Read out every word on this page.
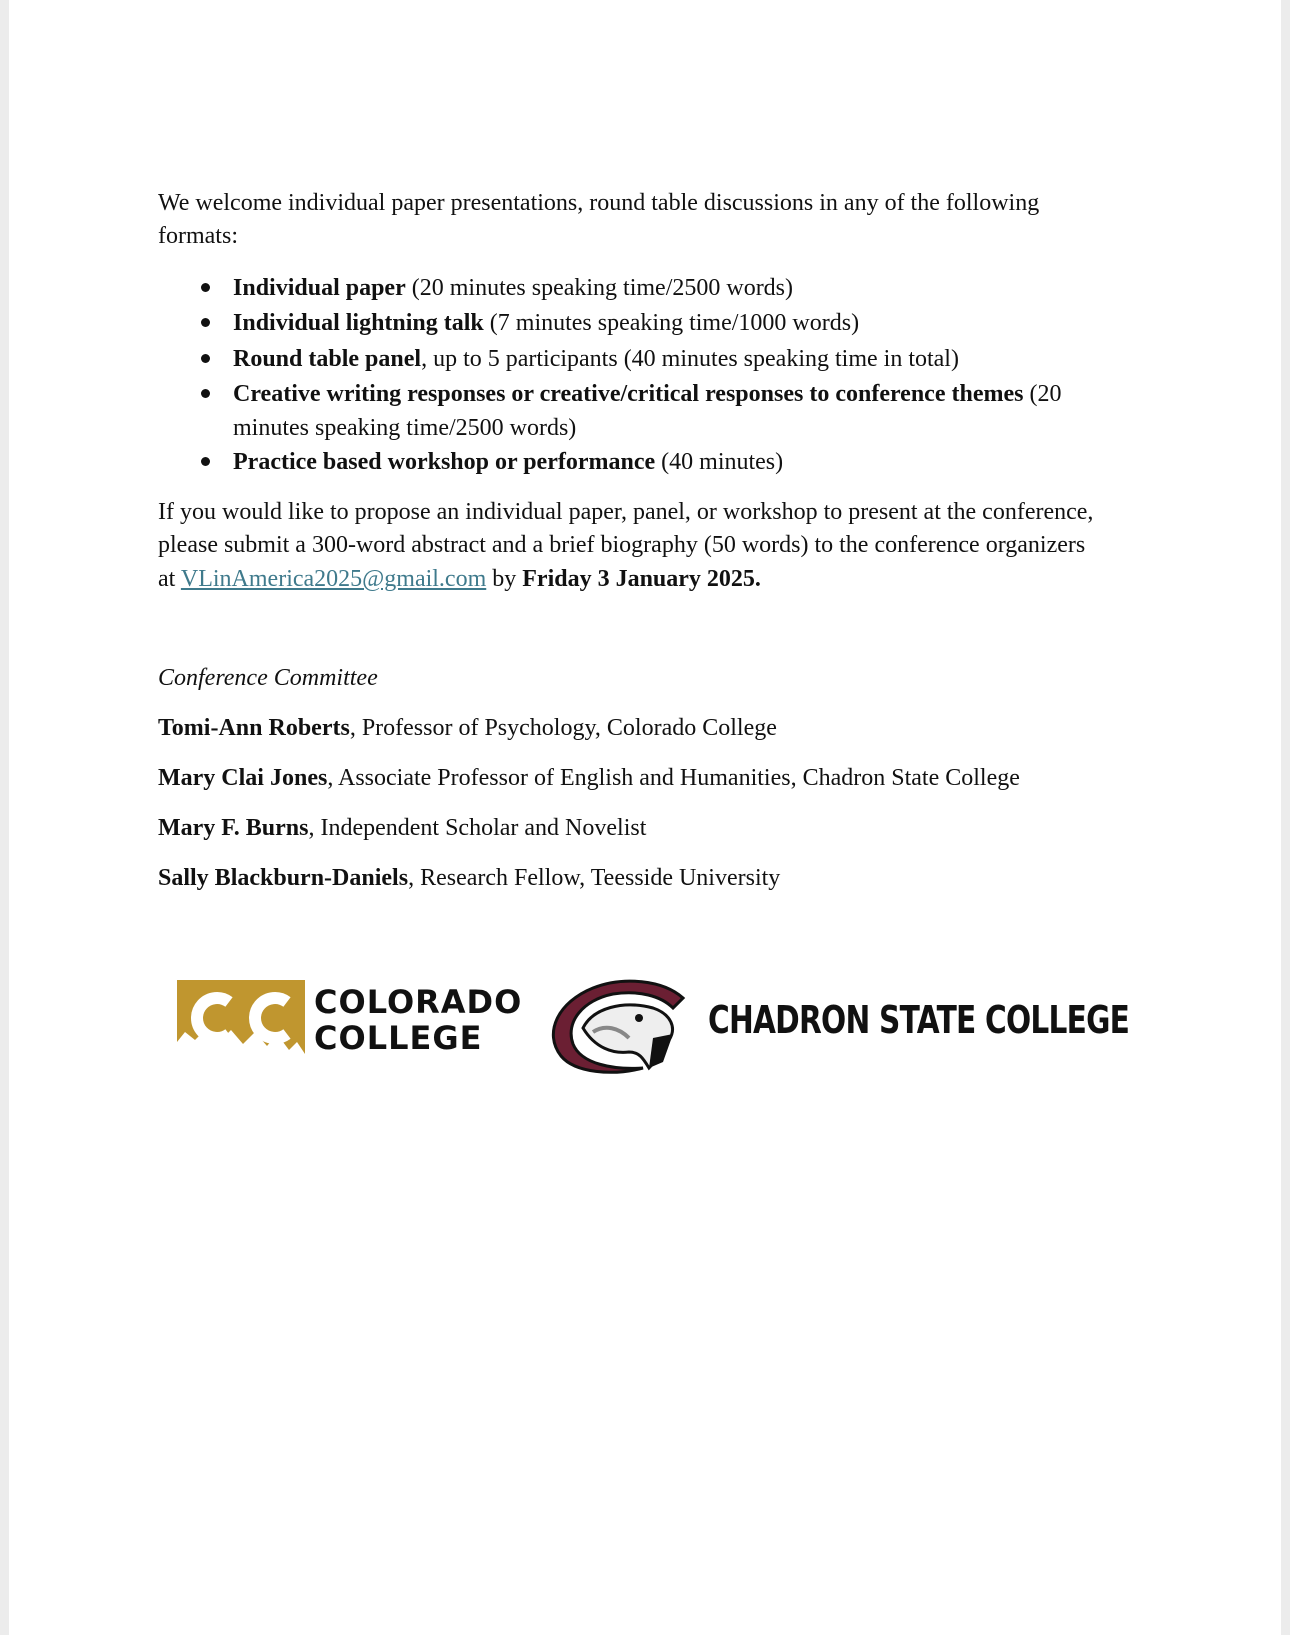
We welcome individual paper presentations, round table discussions in any of the following
formats:
Individual paper (20 minutes speaking time/2500 words)
Individual lightning talk (7 minutes speaking time/1000 words)
Round table panel, up to 5 participants (40 minutes speaking time in total)
Creative writing responses or creative/critical responses to conference themes (20
minutes speaking time/2500 words)
Practice based workshop or performance (40 minutes)
If you would like to propose an individual paper, panel, or workshop to present at the conference,
please submit a 300-word abstract and a brief biography (50 words) to the conference organizers
at VLinAmerica2025@gmail.com by Friday 3 January 2025.
Conference Committee
Tomi-Ann Roberts, Professor of Psychology, Colorado College
Mary Clai Jones, Associate Professor of English and Humanities, Chadron State College
Mary F. Burns, Independent Scholar and Novelist
Sally Blackburn-Daniels, Research Fellow, Teesside University
COLORADO
COLLEGE	CHADRON STATE COLLEGE
